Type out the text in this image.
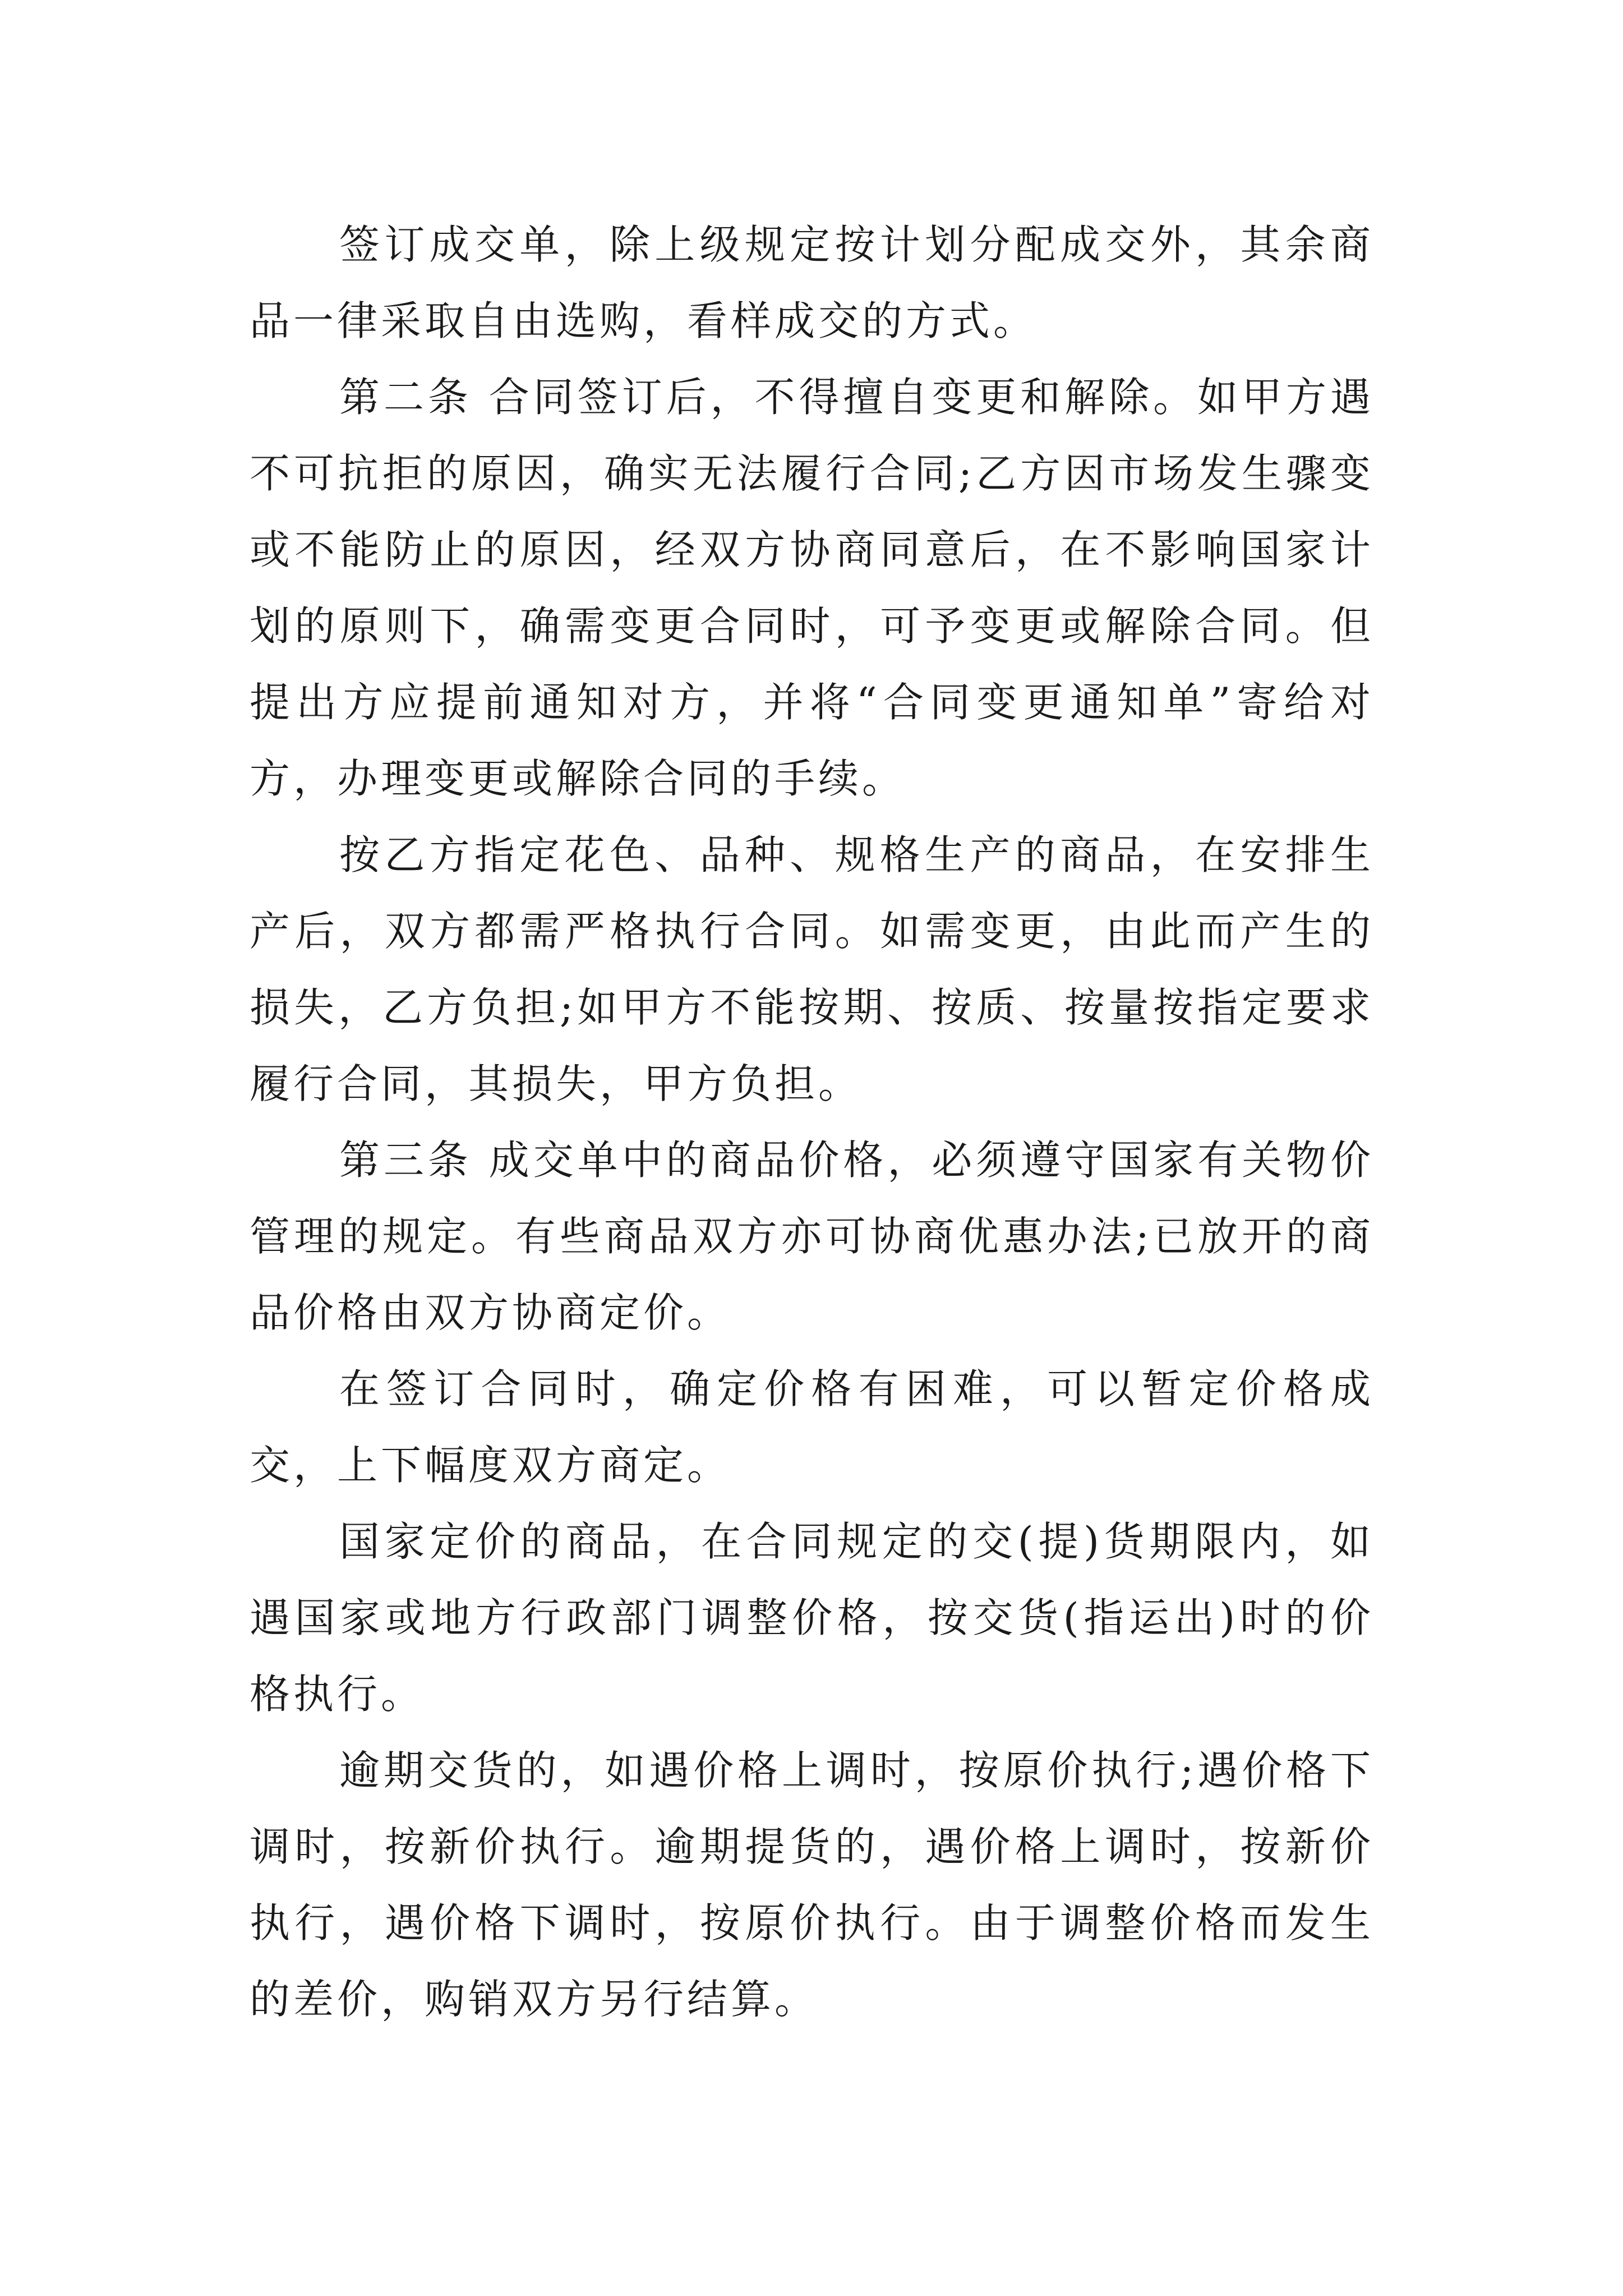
签订成交单，除上级规定按计划分配成交外，其余商品一律采取自由选购，看样成交的方式。

第二条 合同签订后，不得擅自变更和解除。如甲方遇不可抗拒的原因，确实无法履行合同;乙方因市场发生骤变或不能防止的原因，经双方协商同意后，在不影响国家计划的原则下，确需变更合同时，可予变更或解除合同。但提出方应提前通知对方，并将“合同变更通知单”寄给对方，办理变更或解除合同的手续。

按乙方指定花色、品种、规格生产的商品，在安排生产后，双方都需严格执行合同。如需变更，由此而产生的损失，乙方负担;如甲方不能按期、按质、按量按指定要求履行合同，其损失，甲方负担。

第三条 成交单中的商品价格，必须遵守国家有关物价管理的规定。有些商品双方亦可协商优惠办法;已放开的商品价格由双方协商定价。

在签订合同时，确定价格有困难，可以暂定价格成交，上下幅度双方商定。

国家定价的商品，在合同规定的交(提)货期限内，如遇国家或地方行政部门调整价格，按交货(指运出)时的价格执行。

逾期交货的，如遇价格上调时，按原价执行;遇价格下调时，按新价执行。逾期提货的，遇价格上调时，按新价执行，遇价格下调时，按原价执行。由于调整价格而发生的差价，购销双方另行结算。
